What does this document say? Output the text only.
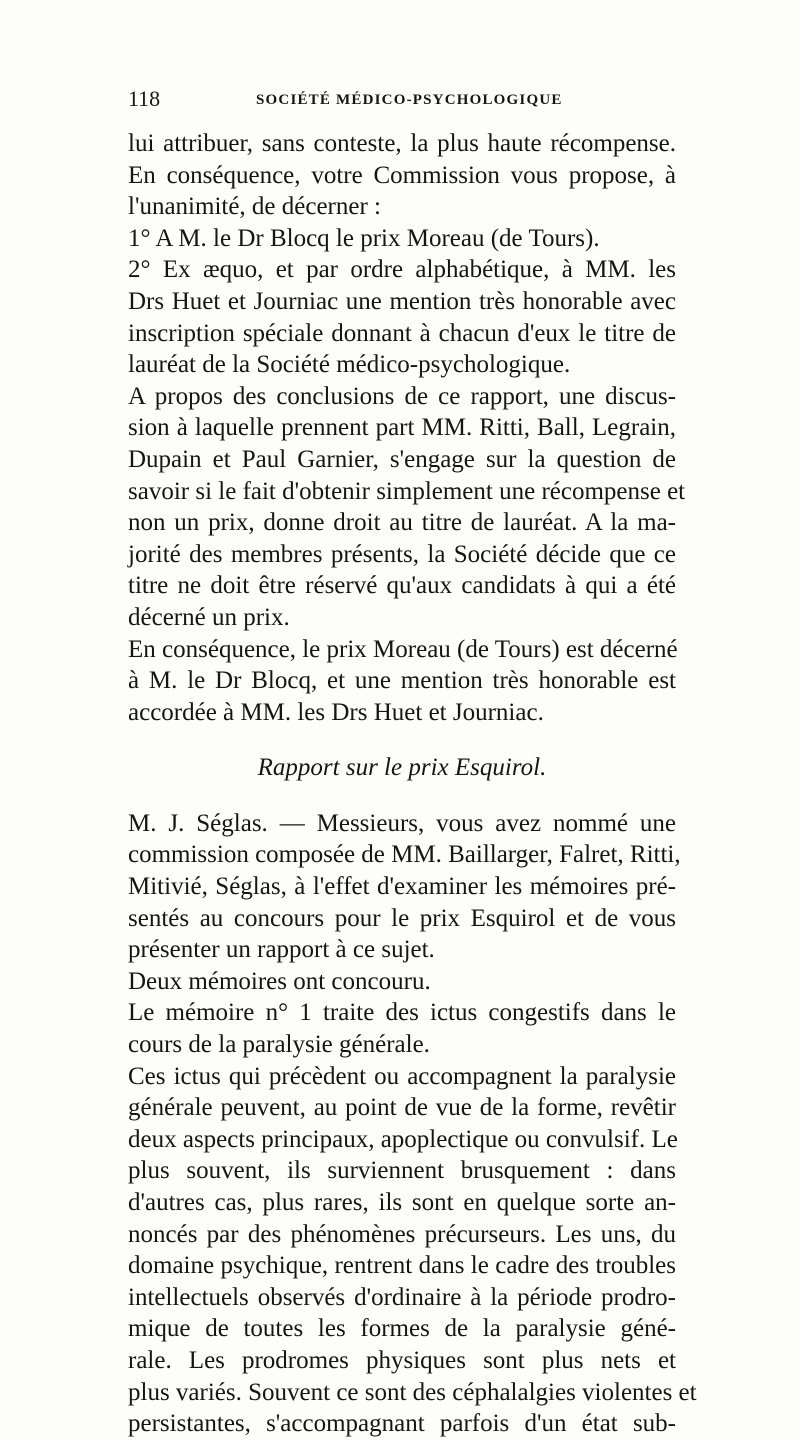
118	SOCIÉTÉ MÉDICO-PSYCHOLOGIQUE
lui attribuer, sans conteste, la plus haute récompense.
En conséquence, votre Commission vous propose, à
l'unanimité, de décerner :
1° A M. le Dr Blocq le prix Moreau (de Tours).
2° Ex æquo, et par ordre alphabétique, à MM. les
Drs Huet et Journiac une mention très honorable avec
inscription spéciale donnant à chacun d'eux le titre de
lauréat de la Société médico-psychologique.
A propos des conclusions de ce rapport, une discus-
sion à laquelle prennent part MM. Ritti, Ball, Legrain,
Dupain et Paul Garnier, s'engage sur la question de
savoir si le fait d'obtenir simplement une récompense et
non un prix, donne droit au titre de lauréat. A la ma-
jorité des membres présents, la Société décide que ce
titre ne doit être réservé qu'aux candidats à qui a été
décerné un prix.
En conséquence, le prix Moreau (de Tours) est décerné
à M. le Dr Blocq, et une mention très honorable est
accordée à MM. les Drs Huet et Journiac.
Rapport sur le prix Esquirol.
M. J. Séglas. — Messieurs, vous avez nommé une
commission composée de MM. Baillarger, Falret, Ritti,
Mitivié, Séglas, à l'effet d'examiner les mémoires pré-
sentés au concours pour le prix Esquirol et de vous
présenter un rapport à ce sujet.
Deux mémoires ont concouru.
Le mémoire n° 1 traite des ictus congestifs dans le
cours de la paralysie générale.
Ces ictus qui précèdent ou accompagnent la paralysie
générale peuvent, au point de vue de la forme, revêtir
deux aspects principaux, apoplectique ou convulsif. Le
plus souvent, ils surviennent brusquement : dans
d'autres cas, plus rares, ils sont en quelque sorte an-
noncés par des phénomènes précurseurs. Les uns, du
domaine psychique, rentrent dans le cadre des troubles
intellectuels observés d'ordinaire à la période prodro-
mique de toutes les formes de la paralysie géné-
rale. Les prodromes physiques sont plus nets et
plus variés. Souvent ce sont des céphalalgies violentes et
persistantes, s'accompagnant parfois d'un état sub-
